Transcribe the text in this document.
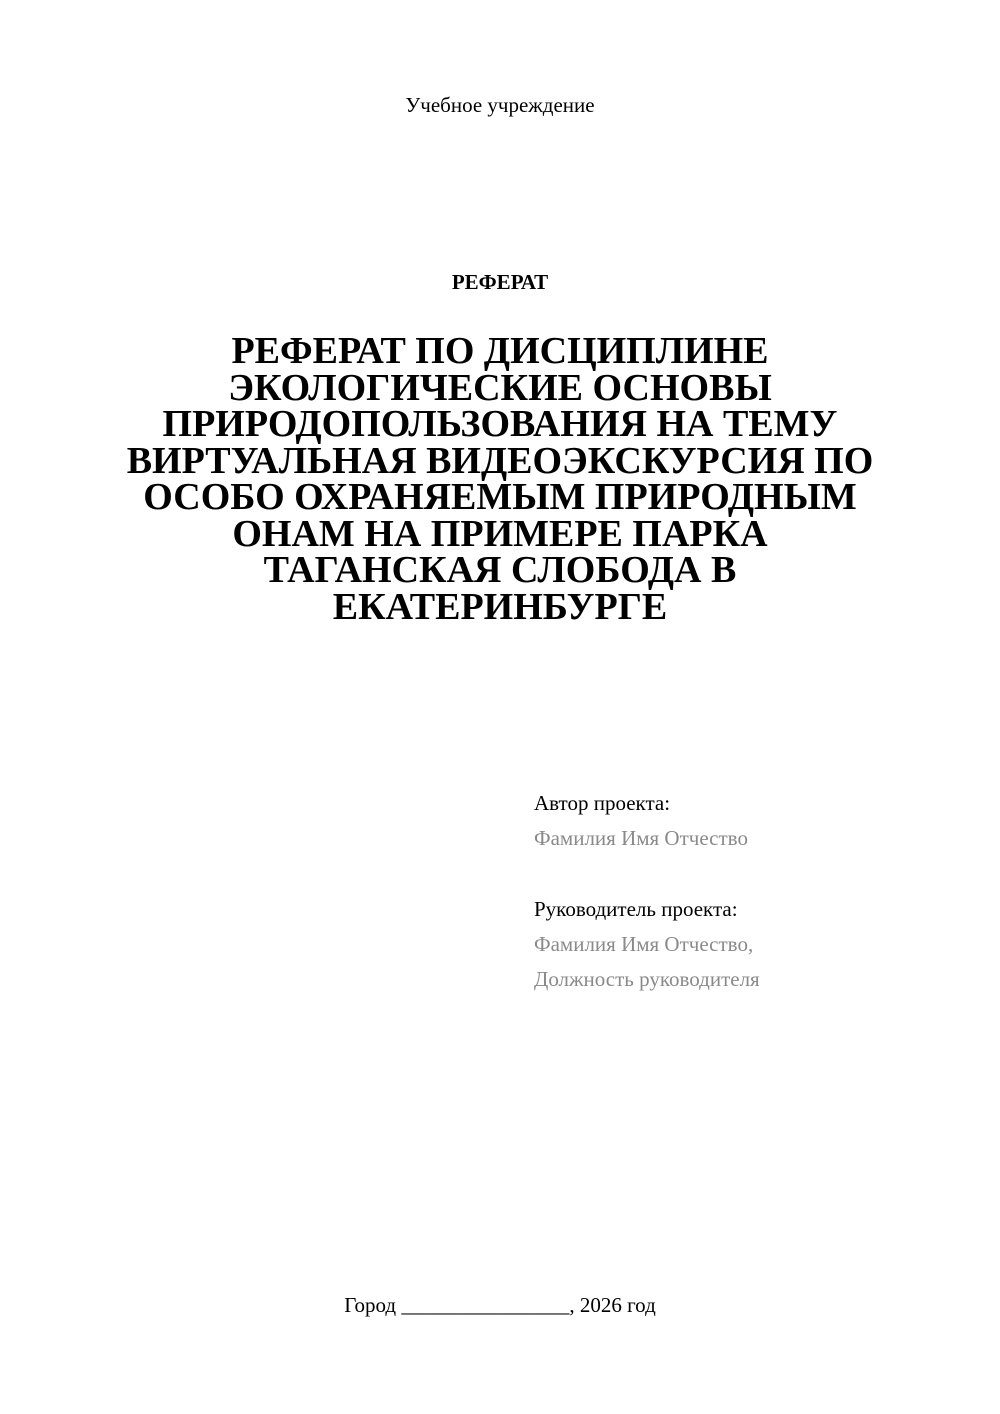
Учебное учреждение
РЕФЕРАТ
РЕФЕРАТ ПО ДИСЦИПЛИНЕ
ЭКОЛОГИЧЕСКИЕ ОСНОВЫ
ПРИРОДОПОЛЬЗОВАНИЯ НА ТЕМУ
ВИРТУАЛЬНАЯ ВИДЕОЭКСКУРСИЯ ПО
ОСОБО ОХРАНЯЕМЫМ ПРИРОДНЫМ
ОНАМ НА ПРИМЕРЕ ПАРКА
ТАГАНСКАЯ СЛОБОДА В
ЕКАТЕРИНБУРГЕ
Автор проекта:
Фамилия Имя Отчество
Руководитель проекта:
Фамилия Имя Отчество,
Должность руководителя
Город ________________, 2026 год
